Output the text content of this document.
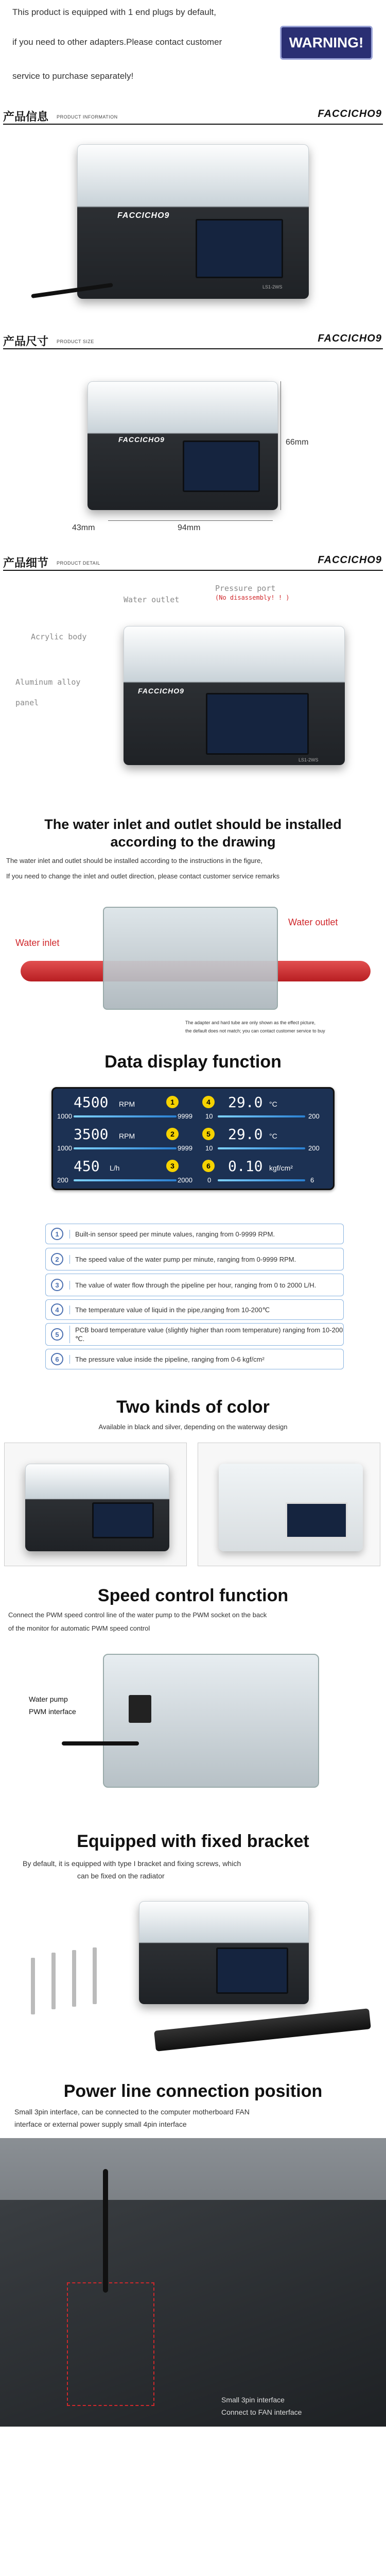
This product is equipped with 1 end plugs by default,
if you need to other adapters.Please contact customer
service to purchase separately!
WARNING!
产品信息 PRODUCT INFORMATION	FACCICHO9
FACCICHO9
LS1-2WS
产品尺寸 PRODUCT SIZE	FACCICHO9
FACCICHO9	66mm
94mm
43mm
产品细节 PRODUCT DETAIL	FACCICHO9
FACCICHO9
LS1-2WS
Water outlet
Pressure port
(No disassembly! ! )
Acrylic body
Aluminum alloy
panel
The water inlet and outlet should be installed
according to the drawing
The water inlet and outlet should be installed according to the instructions in the figure,
If you need to change the inlet and outlet direction, please contact customer service remarks
Water inlet
Water outlet
The adapter and hard tube are only shown as the effect picture,
the default does not match; you can contact customer service to buy
Data display function
4500 RPM	1
1000	9999
3500 RPM	2
1000	9999
450 L/h	3
200	2000
4 29.0 °C
10	200
5 29.0 °C
10	200
6 0.10 kgf/cm²
0	6
1	Built-in sensor speed per minute values, ranging from 0-9999 RPM.
2	The speed value of the water pump per minute, ranging from 0-9999 RPM.
3	The value of water flow through the pipeline per hour, ranging from 0 to 2000 L/H.
4	The temperature value of liquid in the pipe,ranging from 10-200℃
5
PCB board temperature value (slightly higher than room temperature) ranging from 10-200 ℃.
6	The pressure value inside the pipeline, ranging from 0-6 kgf/cm²
Two kinds of color
Available in black and silver, depending on the waterway design
Speed control function
Connect the PWM speed control line of the water pump to the PWM socket on the back
of the monitor for automatic PWM speed control
Water pump
PWM interface
Equipped with fixed bracket
By default, it is equipped with type I bracket and fixing screws, which
can be fixed on the radiator
Power line connection position
Small 3pin interface, can be connected to the computer motherboard FAN
interface or external power supply small 4pin interface
Small 3pin interface
Connect to FAN interface
